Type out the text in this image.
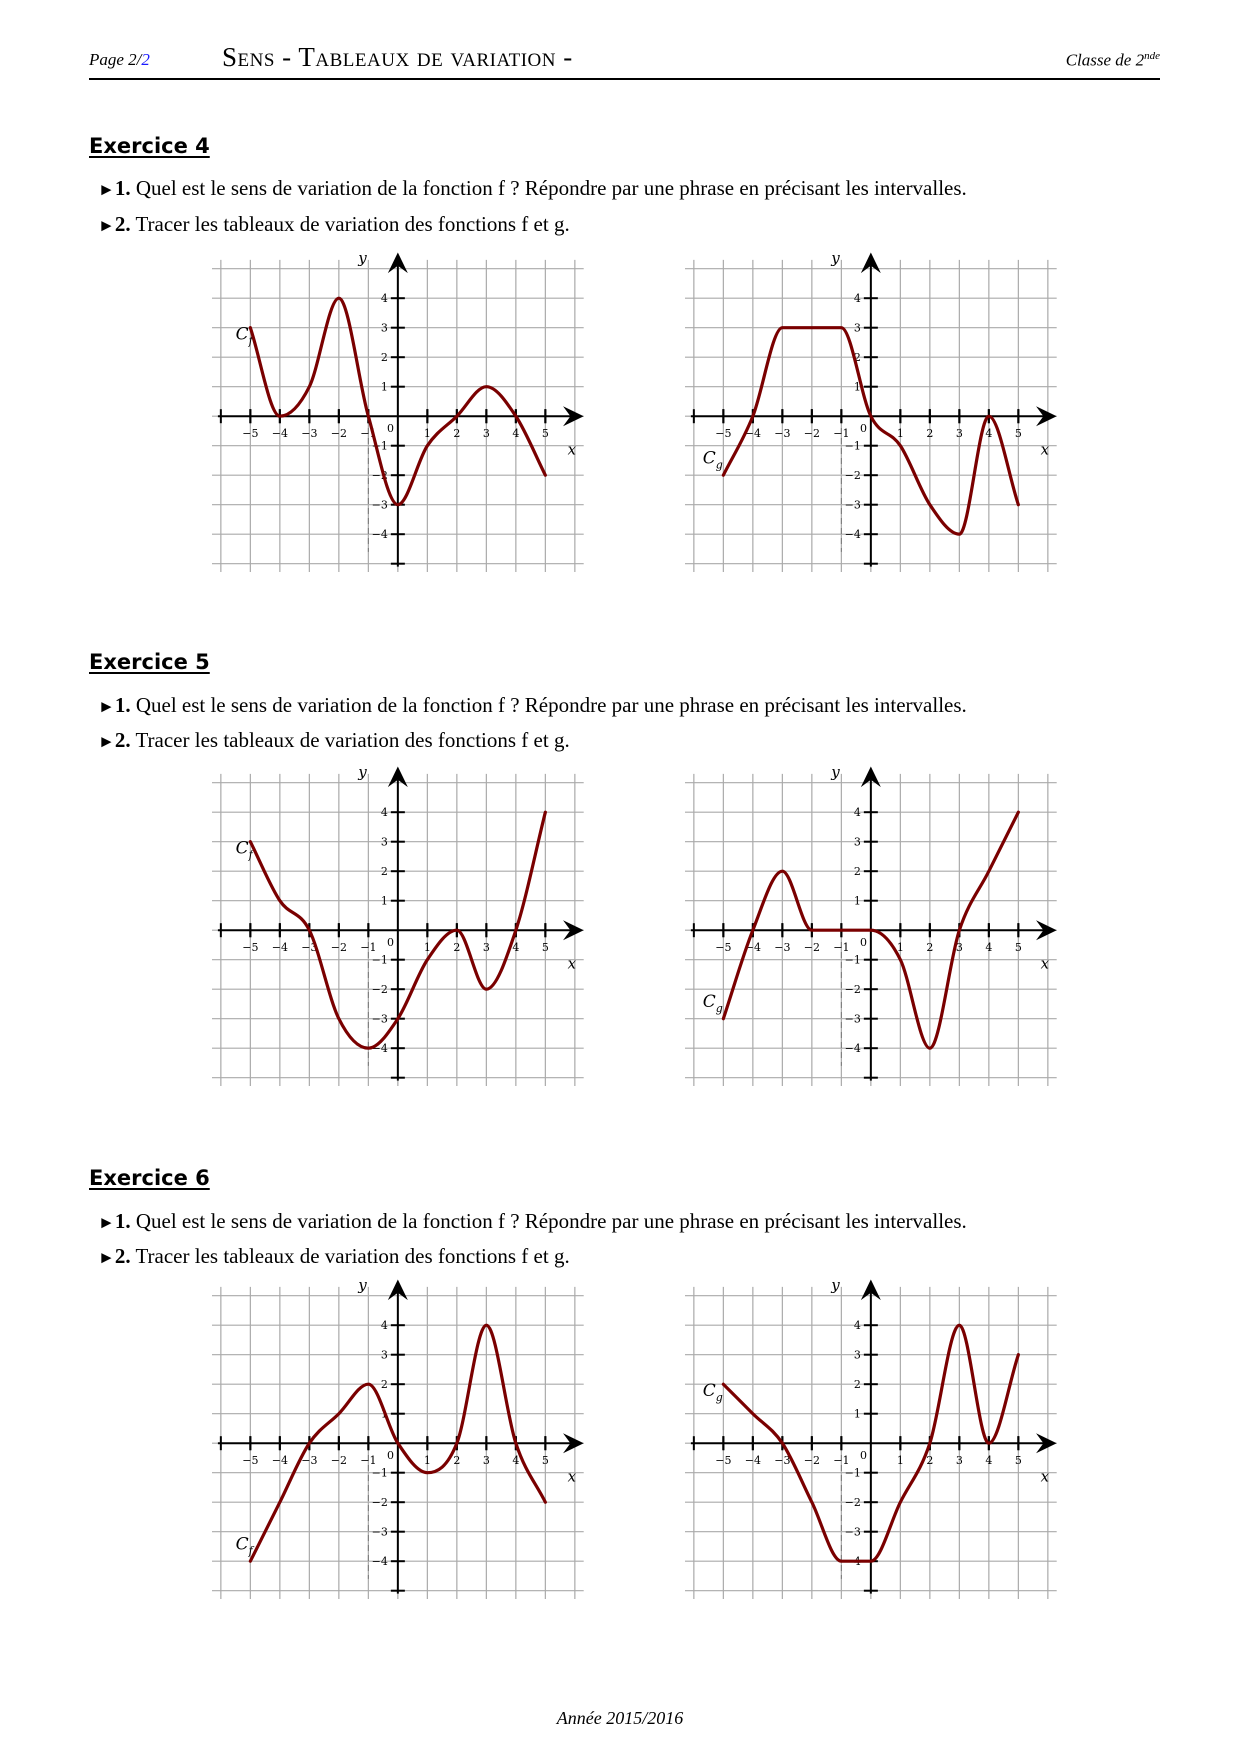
Page 2/2	Sens - Tableaux de variation -	Classe de 2nde
Exercice 4
►1. Quel est le sens de variation de la fonction f ? Répondre par une phrase en précisant les intervalles.
►2. Tracer les tableaux de variation des fonctions f et g.
−5 −4 −3 −2 −1	1 2 3 4 5
−4
−3
−2
−1
1
2
3
4
0
x
y
$C_f$
−5 −4 −3 −2 −1	1 2 3 4 5
−4
−3
−2
−1
1
2
3
4
0
x
y
$C_g$
Exercice 5
►1. Quel est le sens de variation de la fonction f ? Répondre par une phrase en précisant les intervalles.
►2. Tracer les tableaux de variation des fonctions f et g.
−5 −4 −3 −2 −1	1 2 3 4 5
−4
−3
−2
−1
1
2
3
4
0
x
y
$C_f$
−5 −4 −3 −2 −1	1 2 3 4 5
−4
−3
−2
−1
1
2
3
4
0
x
y
$C_g$
Exercice 6
►1. Quel est le sens de variation de la fonction f ? Répondre par une phrase en précisant les intervalles.
►2. Tracer les tableaux de variation des fonctions f et g.
−5 −4 −3 −2 −1	1 2 3 4 5
−4
−3
−2
−1
1
2
3
4
0
x
y
$C_f$
−5 −4 −3 −2 −1	1 2 3 4 5
−4
−3
−2
−1
1
2
3
4
0
x
y
$C_g$
Année 2015/2016
